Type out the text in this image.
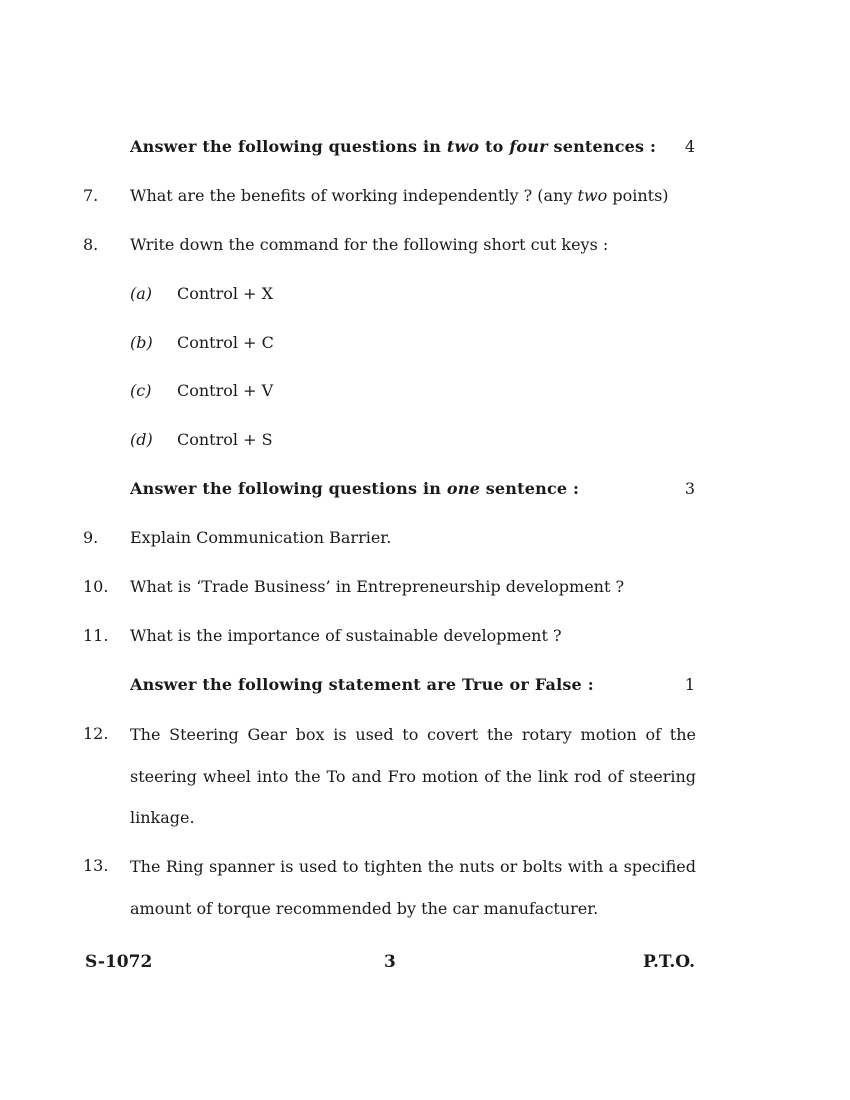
Answer the following questions in two to four sentences : 4
7. What are the benefits of working independently ? (any two points)
8. Write down the command for the following short cut keys :
(a) Control + X
(b) Control + C
(c) Control + V
(d) Control + S
Answer the following questions in one sentence :	3
9. Explain Communication Barrier.
10. What is ‘Trade Business’ in Entrepreneurship development ?
11. What is the importance of sustainable development ?
Answer the following statement are True or False :	1
12. The Steering Gear box is used to covert the rotary motion of the steering wheel into the To and Fro motion of the link rod of steering linkage.
13. The Ring spanner is used to tighten the nuts or bolts with a specified amount of torque recommended by the car manufacturer.
S-1072	3	P.T.O.
